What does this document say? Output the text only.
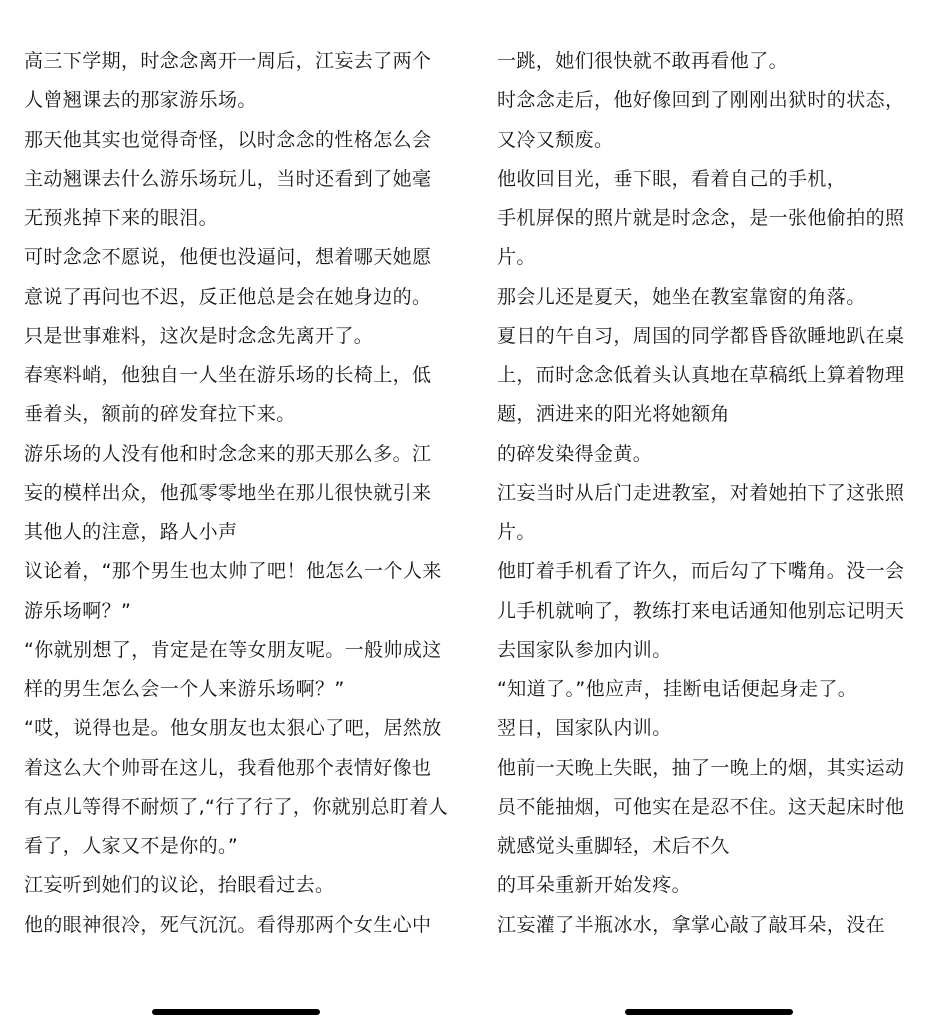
高三下学期，时念念离开一周后，江妄去了两个
人曾翘课去的那家游乐场。
那天他其实也觉得奇怪，以时念念的性格怎么会
主动翘课去什么游乐场玩儿，当时还看到了她毫
无预兆掉下来的眼泪。
可时念念不愿说，他便也没逼问，想着哪天她愿
意说了再问也不迟，反正他总是会在她身边的。
只是世事难料，这次是时念念先离开了。
春寒料峭，他独自一人坐在游乐场的长椅上，低
垂着头，额前的碎发耷拉下来。
游乐场的人没有他和时念念来的那天那么多。江
妄的模样出众，他孤零零地坐在那儿很快就引来
其他人的注意，路人小声
议论着，“那个男生也太帅了吧！他怎么一个人来
游乐场啊？”
“你就别想了，肯定是在等女朋友呢。一般帅成这
样的男生怎么会一个人来游乐场啊？”
“哎，说得也是。他女朋友也太狠心了吧，居然放
着这么大个帅哥在这儿，我看他那个表情好像也
有点儿等得不耐烦了,“行了行了，你就别总盯着人
看了，人家又不是你的。”
江妄听到她们的议论，抬眼看过去。
他的眼神很冷，死气沉沉。看得那两个女生心中
一跳，她们很快就不敢再看他了。
时念念走后，他好像回到了刚刚出狱时的状态，
又冷又颓废。
他收回目光，垂下眼，看着自己的手机，
手机屏保的照片就是时念念，是一张他偷拍的照
片。
那会儿还是夏天，她坐在教室靠窗的角落。
夏日的午自习，周国的同学都昏昏欲睡地趴在桌
上，而时念念低着头认真地在草稿纸上算着物理
题，洒进来的阳光将她额角
的碎发染得金黄。
江妄当时从后门走进教室，对着她拍下了这张照
片。
他盯着手机看了许久，而后勾了下嘴角。没一会
儿手机就响了，教练打来电话通知他别忘记明天
去国家队参加内训。
“知道了。”他应声，挂断电话便起身走了。
翌日，国家队内训。
他前一天晚上失眠，抽了一晚上的烟，其实运动
员不能抽烟，可他实在是忍不住。这天起床时他
就感觉头重脚轻，术后不久
的耳朵重新开始发疼。
江妄灌了半瓶冰水，拿掌心敲了敲耳朵，没在
